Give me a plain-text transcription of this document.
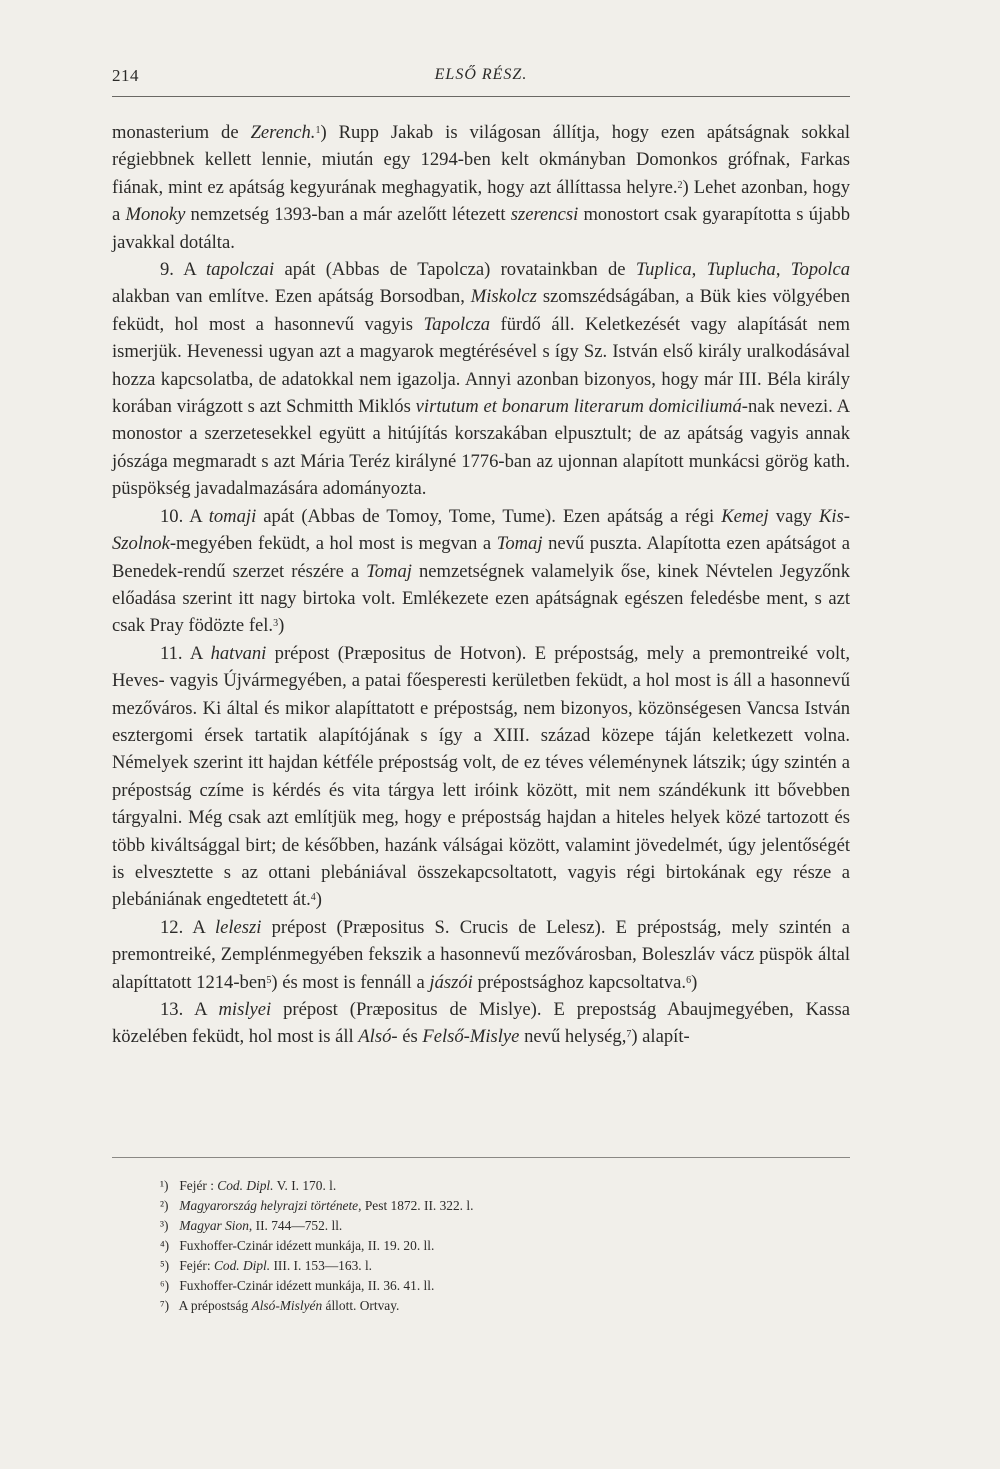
214	ELSŐ RÉSZ.

monasterium de Zerench.$^1$) Rupp Jakab is világosan állítja, hogy ezen apátságnak sokkal régiebbnek kellett lennie, miután egy 1294-ben kelt okmányban Domonkos grófnak, Farkas fiának, mint ez apátság kegyurának meghagyatik, hogy azt állíttassa helyre.$^2$) Lehet azonban, hogy a Monoky nemzetség 1393-ban a már azelőtt létezett szerencsi monostort csak gyarapította s újabb javakkal dotálta.

9. A tapolczai apát (Abbas de Tapolcza) rovatainkban de Tuplica, Tuplucha, Topolca alakban van említve. Ezen apátság Borsodban, Miskolcz szomszédságában, a Bük kies völgyében feküdt, hol most a hasonnevű vagyis Tapolcza fürdő áll. Keletkezését vagy alapítását nem ismerjük. Hevenessi ugyan azt a magyarok megtérésével s így Sz. István első király uralkodásával hozza kapcsolatba, de adatokkal nem igazolja. Annyi azonban bizonyos, hogy már III. Béla király korában virágzott s azt Schmitth Miklós virtutum et bonarum literarum domiciliumá-nak nevezi. A monostor a szerzetesekkel együtt a hitújítás korszakában elpusztult; de az apátság vagyis annak jószága megmaradt s azt Mária Teréz királyné 1776-ban az ujonnan alapított munkácsi görög kath. püspökség javadalmazására adományozta.

10. A tomaji apát (Abbas de Tomoy, Tome, Tume). Ezen apátság a régi Kemej vagy Kis-Szolnok-megyében feküdt, a hol most is megvan a Tomaj nevű puszta. Alapította ezen apátságot a Benedek-rendű szerzet részére a Tomaj nemzetségnek valamelyik őse, kinek Névtelen Jegyzőnk előadása szerint itt nagy birtoka volt. Emlékezete ezen apátságnak egészen feledésbe ment, s azt csak Pray födözte fel.$^3$)

11. A hatvani prépost (Præpositus de Hotvon). E prépostság, mely a premontreiké volt, Heves- vagyis Újvármegyében, a patai főesperesti kerületben feküdt, a hol most is áll a hasonnevű mezőváros. Ki által és mikor alapíttatott e prépostság, nem bizonyos, közönségesen Vancsa István esztergomi érsek tartatik alapítójának s így a XIII. század közepe táján keletkezett volna. Némelyek szerint itt hajdan kétféle prépostság volt, de ez téves véleménynek látszik; úgy szintén a prépostság czíme is kérdés és vita tárgya lett iróink között, mit nem szándékunk itt bővebben tárgyalni. Még csak azt említjük meg, hogy e prépostság hajdan a hiteles helyek közé tartozott és több kiváltsággal birt; de későbben, hazánk válságai között, valamint jövedelmét, úgy jelentőségét is elvesztette s az ottani plebániával összekapcsoltatott, vagyis régi birtokának egy része a plebániának engedtetett át.$^4$)

12. A leleszi prépost (Præpositus S. Crucis de Lelesz). E prépostság, mely szintén a premontreiké, Zemplénmegyében fekszik a hasonnevű mezővárosban, Boleszláv vácz püspök által alapíttatott 1214-ben$^5$) és most is fennáll a jászói prépostsághoz kapcsoltatva.$^6$)

13. A mislyei prépost (Præpositus de Mislye). E prepostság Abaujmegyében, Kassa közelében feküdt, hol most is áll Alsó- és Felső-Mislye nevű helység,$^7$) alapít-

¹) Fejér : Cod. Dipl. V. I. 170. l.
²) Magyarország helyrajzi története, Pest 1872. II. 322. l.
³) Magyar Sion, II. 744—752. ll.
⁴) Fuxhoffer-Czinár idézett munkája, II. 19. 20. ll.
⁵) Fejér: Cod. Dipl. III. I. 153—163. l.
⁶) Fuxhoffer-Czinár idézett munkája, II. 36. 41. ll.
⁷) A prépostság Alsó-Mislyén állott. Ortvay.
